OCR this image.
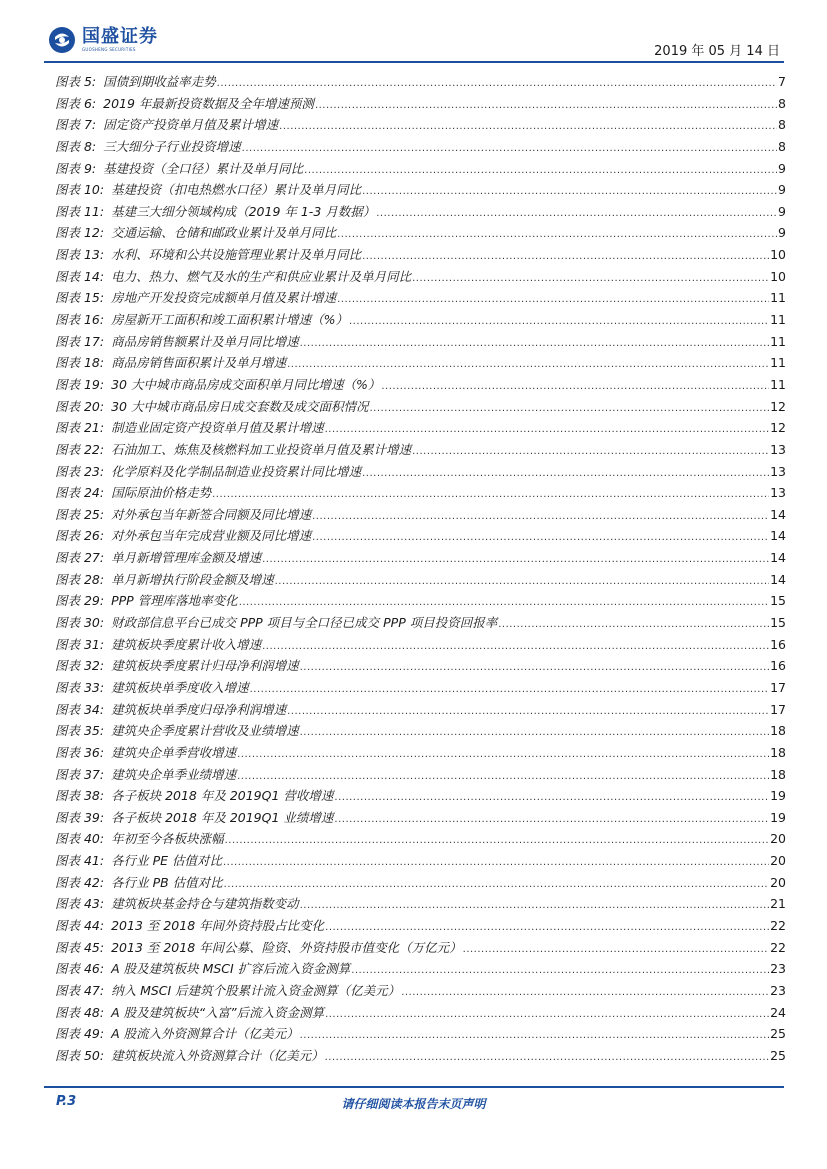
国盛证券
GUOSHENG SECURITIES	2019 年 05 月 14 日
图表 5: 国债到期收益率走势 .....	7
图表 6: 2019 年最新投资数据及全年增速预测 .....	8
图表 7: 固定资产投资单月值及累计增速 .....	8
图表 8: 三大细分子行业投资增速 .....	8
图表 9: 基建投资（全口径）累计及单月同比 .....	9
图表 10: 基建投资（扣电热燃水口径）累计及单月同比 .....	9
图表 11: 基建三大细分领域构成（2019 年 1-3 月数据） .....	9
图表 12: 交通运输、仓储和邮政业累计及单月同比 .....	9
图表 13: 水利、环境和公共设施管理业累计及单月同比 .....	10
图表 14: 电力、热力、燃气及水的生产和供应业累计及单月同比 .....	10
图表 15: 房地产开发投资完成额单月值及累计增速 .....	11
图表 16: 房屋新开工面积和竣工面积累计增速（%） .....	11
图表 17: 商品房销售额累计及单月同比增速 .....	11
图表 18: 商品房销售面积累计及单月增速 .....	11
图表 19: 30 大中城市商品房成交面积单月同比增速（%） .....	11
图表 20: 30 大中城市商品房日成交套数及成交面积情况 .....	12
图表 21: 制造业固定资产投资单月值及累计增速 .....	12
图表 22: 石油加工、炼焦及核燃料加工业投资单月值及累计增速 .....	13
图表 23: 化学原料及化学制品制造业投资累计同比增速 .....	13
图表 24: 国际原油价格走势 .....	13
图表 25: 对外承包当年新签合同额及同比增速 .....	14
图表 26: 对外承包当年完成营业额及同比增速 .....	14
图表 27: 单月新增管理库金额及增速 .....	14
图表 28: 单月新增执行阶段金额及增速 .....	14
图表 29: PPP 管理库落地率变化 .....	15
图表 30: 财政部信息平台已成交 PPP 项目与全口径已成交 PPP 项目投资回报率 .....	15
图表 31: 建筑板块季度累计收入增速 .....	16
图表 32: 建筑板块季度累计归母净利润增速 .....	16
图表 33: 建筑板块单季度收入增速 .....	17
图表 34: 建筑板块单季度归母净利润增速 .....	17
图表 35: 建筑央企季度累计营收及业绩增速 .....	18
图表 36: 建筑央企单季营收增速 .....	18
图表 37: 建筑央企单季业绩增速 .....	18
图表 38: 各子板块 2018 年及 2019Q1 营收增速 .....	19
图表 39: 各子板块 2018 年及 2019Q1 业绩增速 .....	19
图表 40: 年初至今各板块涨幅 .....	20
图表 41: 各行业 PE 估值对比 .....	20
图表 42: 各行业 PB 估值对比 .....	20
图表 43: 建筑板块基金持仓与建筑指数变动 .....	21
图表 44: 2013 至 2018 年间外资持股占比变化 .....	22
图表 45: 2013 至 2018 年间公募、险资、外资持股市值变化（万亿元） .....	22
图表 46: A 股及建筑板块 MSCI 扩容后流入资金测算 .....	23
图表 47: 纳入 MSCI 后建筑个股累计流入资金测算（亿美元） .....	23
图表 48: A 股及建筑板块“入富”后流入资金测算 .....	24
图表 49: A 股流入外资测算合计（亿美元） .....	25
图表 50: 建筑板块流入外资测算合计（亿美元） .....	25
P.3	请仔细阅读本报告末页声明
